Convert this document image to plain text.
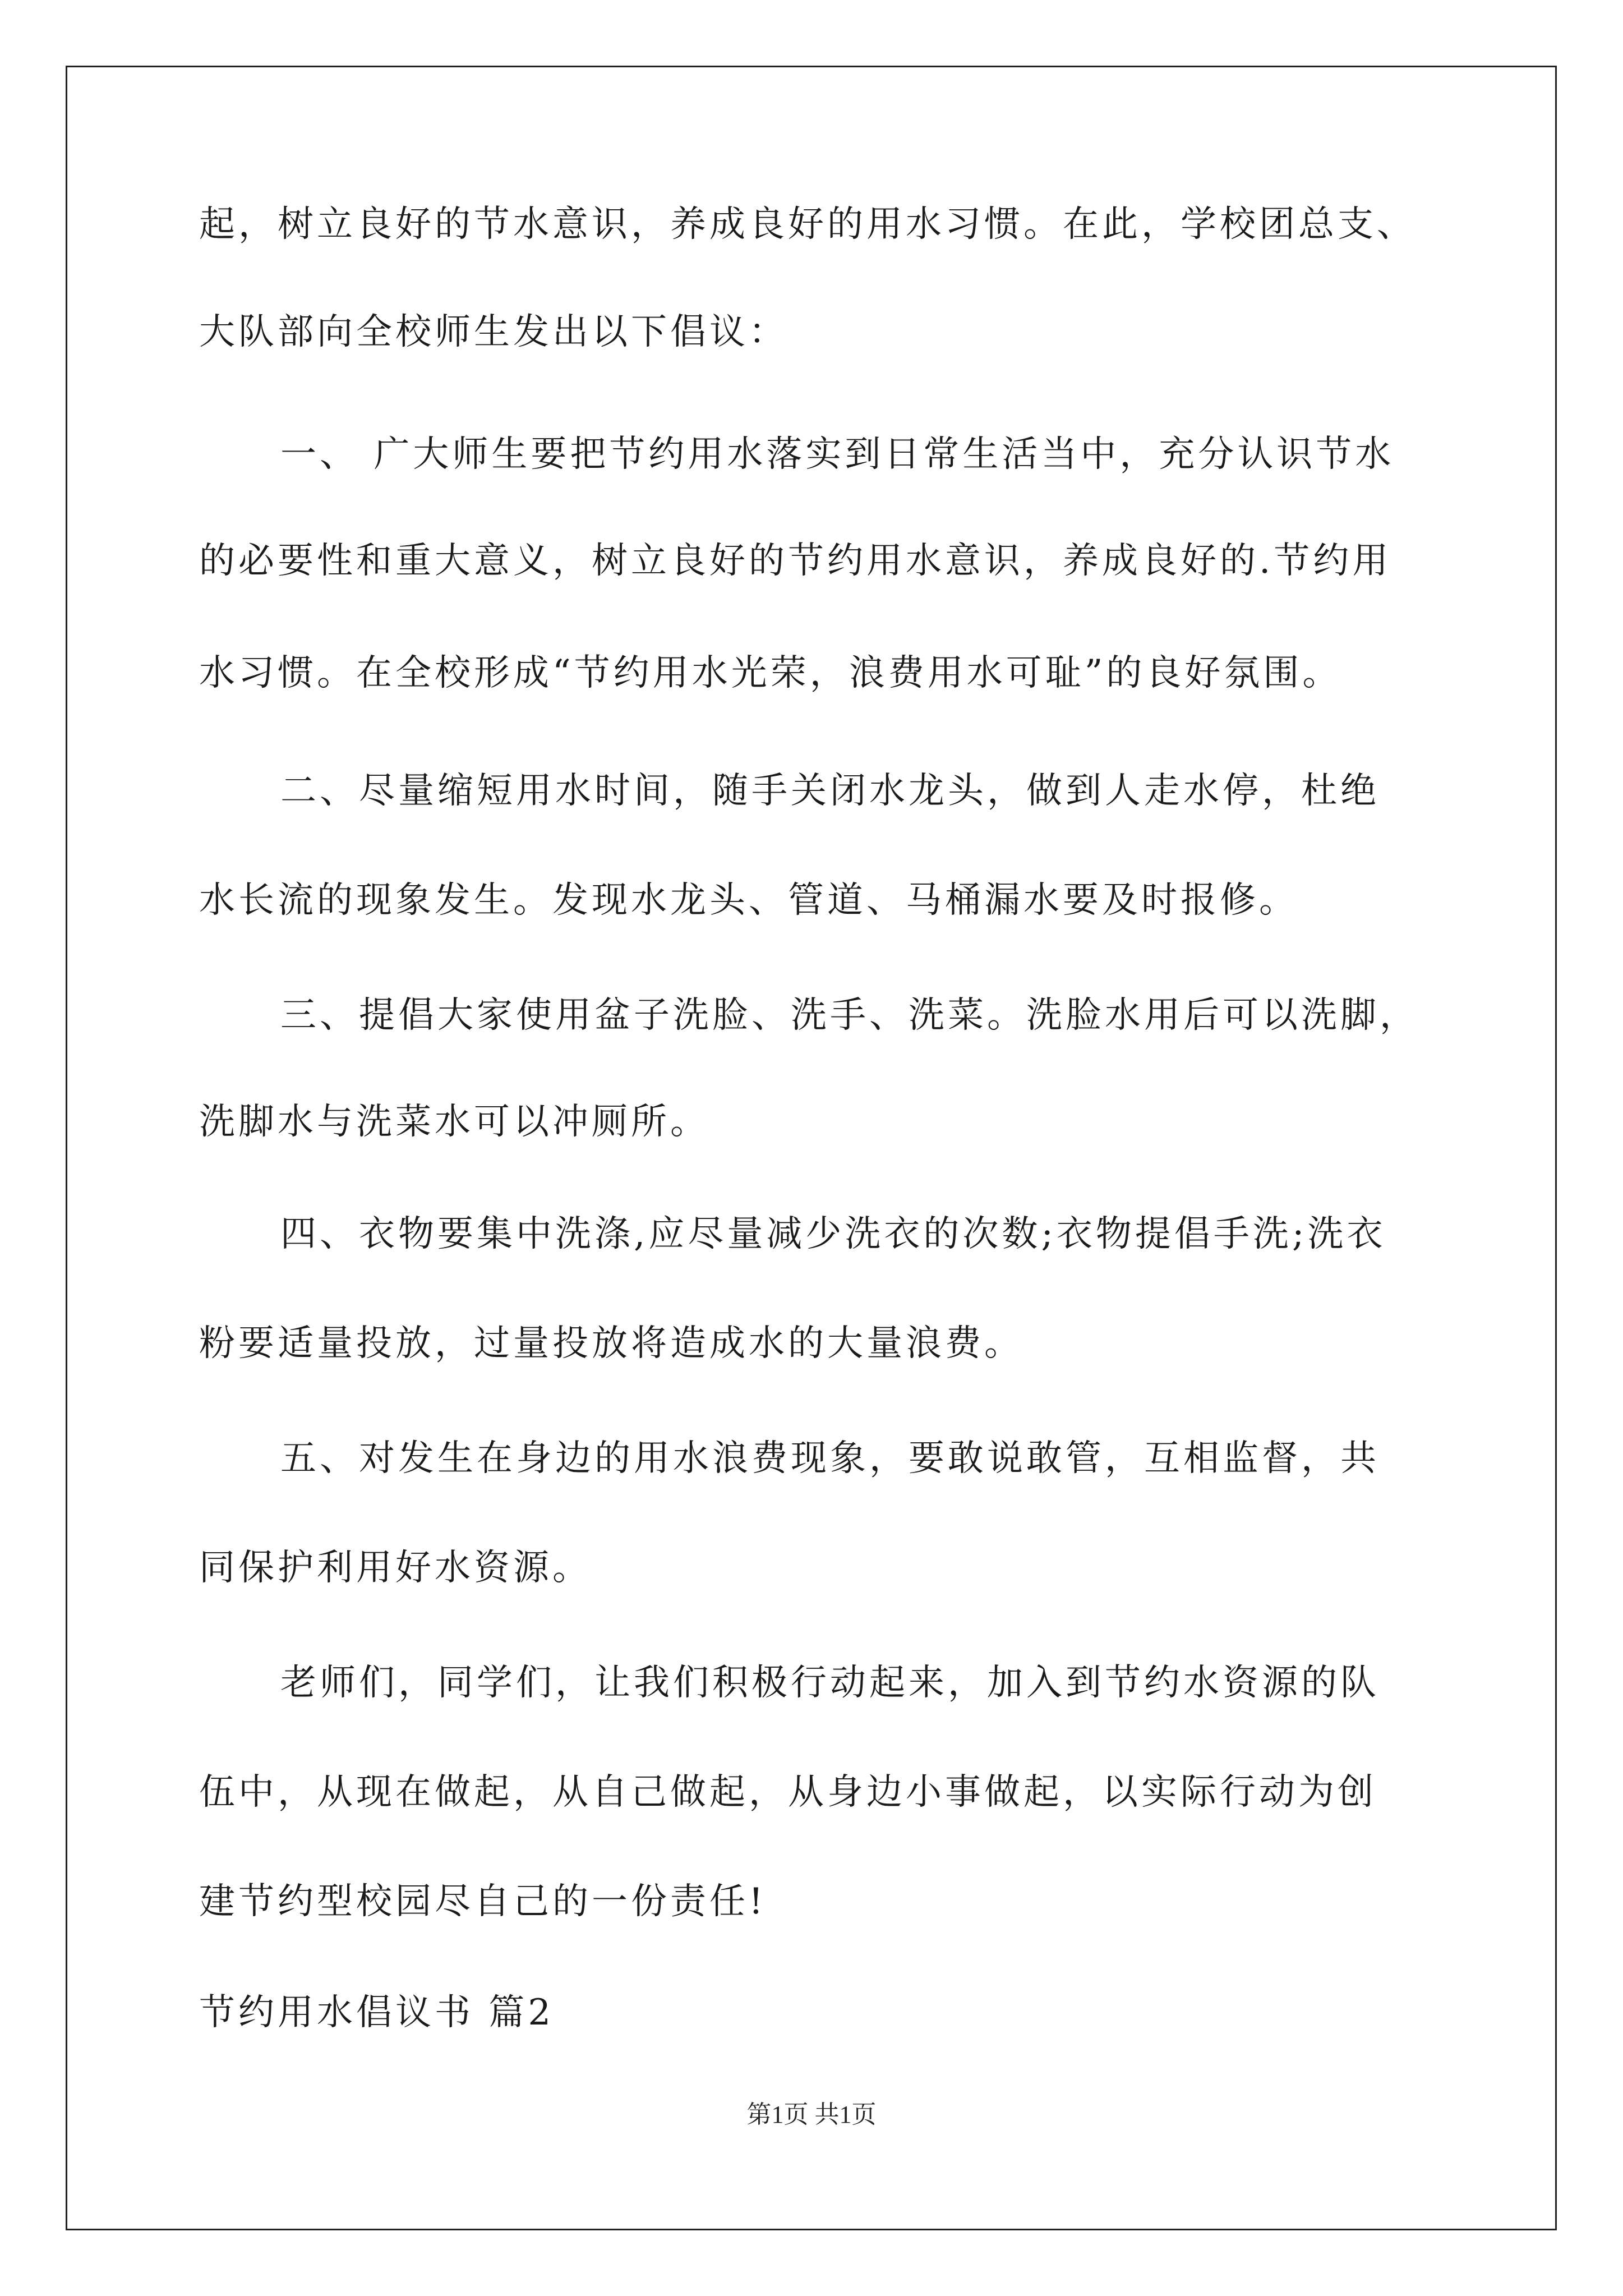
起，树立良好的节水意识，养成良好的用水习惯。在此，学校团总支、
大队部向全校师生发出以下倡议：
一、 广大师生要把节约用水落实到日常生活当中，充分认识节水
的必要性和重大意义，树立良好的节约用水意识，养成良好的.节约用
水习惯。在全校形成“节约用水光荣，浪费用水可耻”的良好氛围。
二、尽量缩短用水时间，随手关闭水龙头，做到人走水停，杜绝
水长流的现象发生。发现水龙头、管道、马桶漏水要及时报修。
三、提倡大家使用盆子洗脸、洗手、洗菜。洗脸水用后可以洗脚，
洗脚水与洗菜水可以冲厕所。
四、衣物要集中洗涤,应尽量减少洗衣的次数;衣物提倡手洗;洗衣
粉要适量投放，过量投放将造成水的大量浪费。
五、对发生在身边的用水浪费现象，要敢说敢管，互相监督，共
同保护利用好水资源。
老师们，同学们，让我们积极行动起来，加入到节约水资源的队
伍中，从现在做起，从自己做起，从身边小事做起，以实际行动为创
建节约型校园尽自己的一份责任!
节约用水倡议书 篇2
第1页 共1页
